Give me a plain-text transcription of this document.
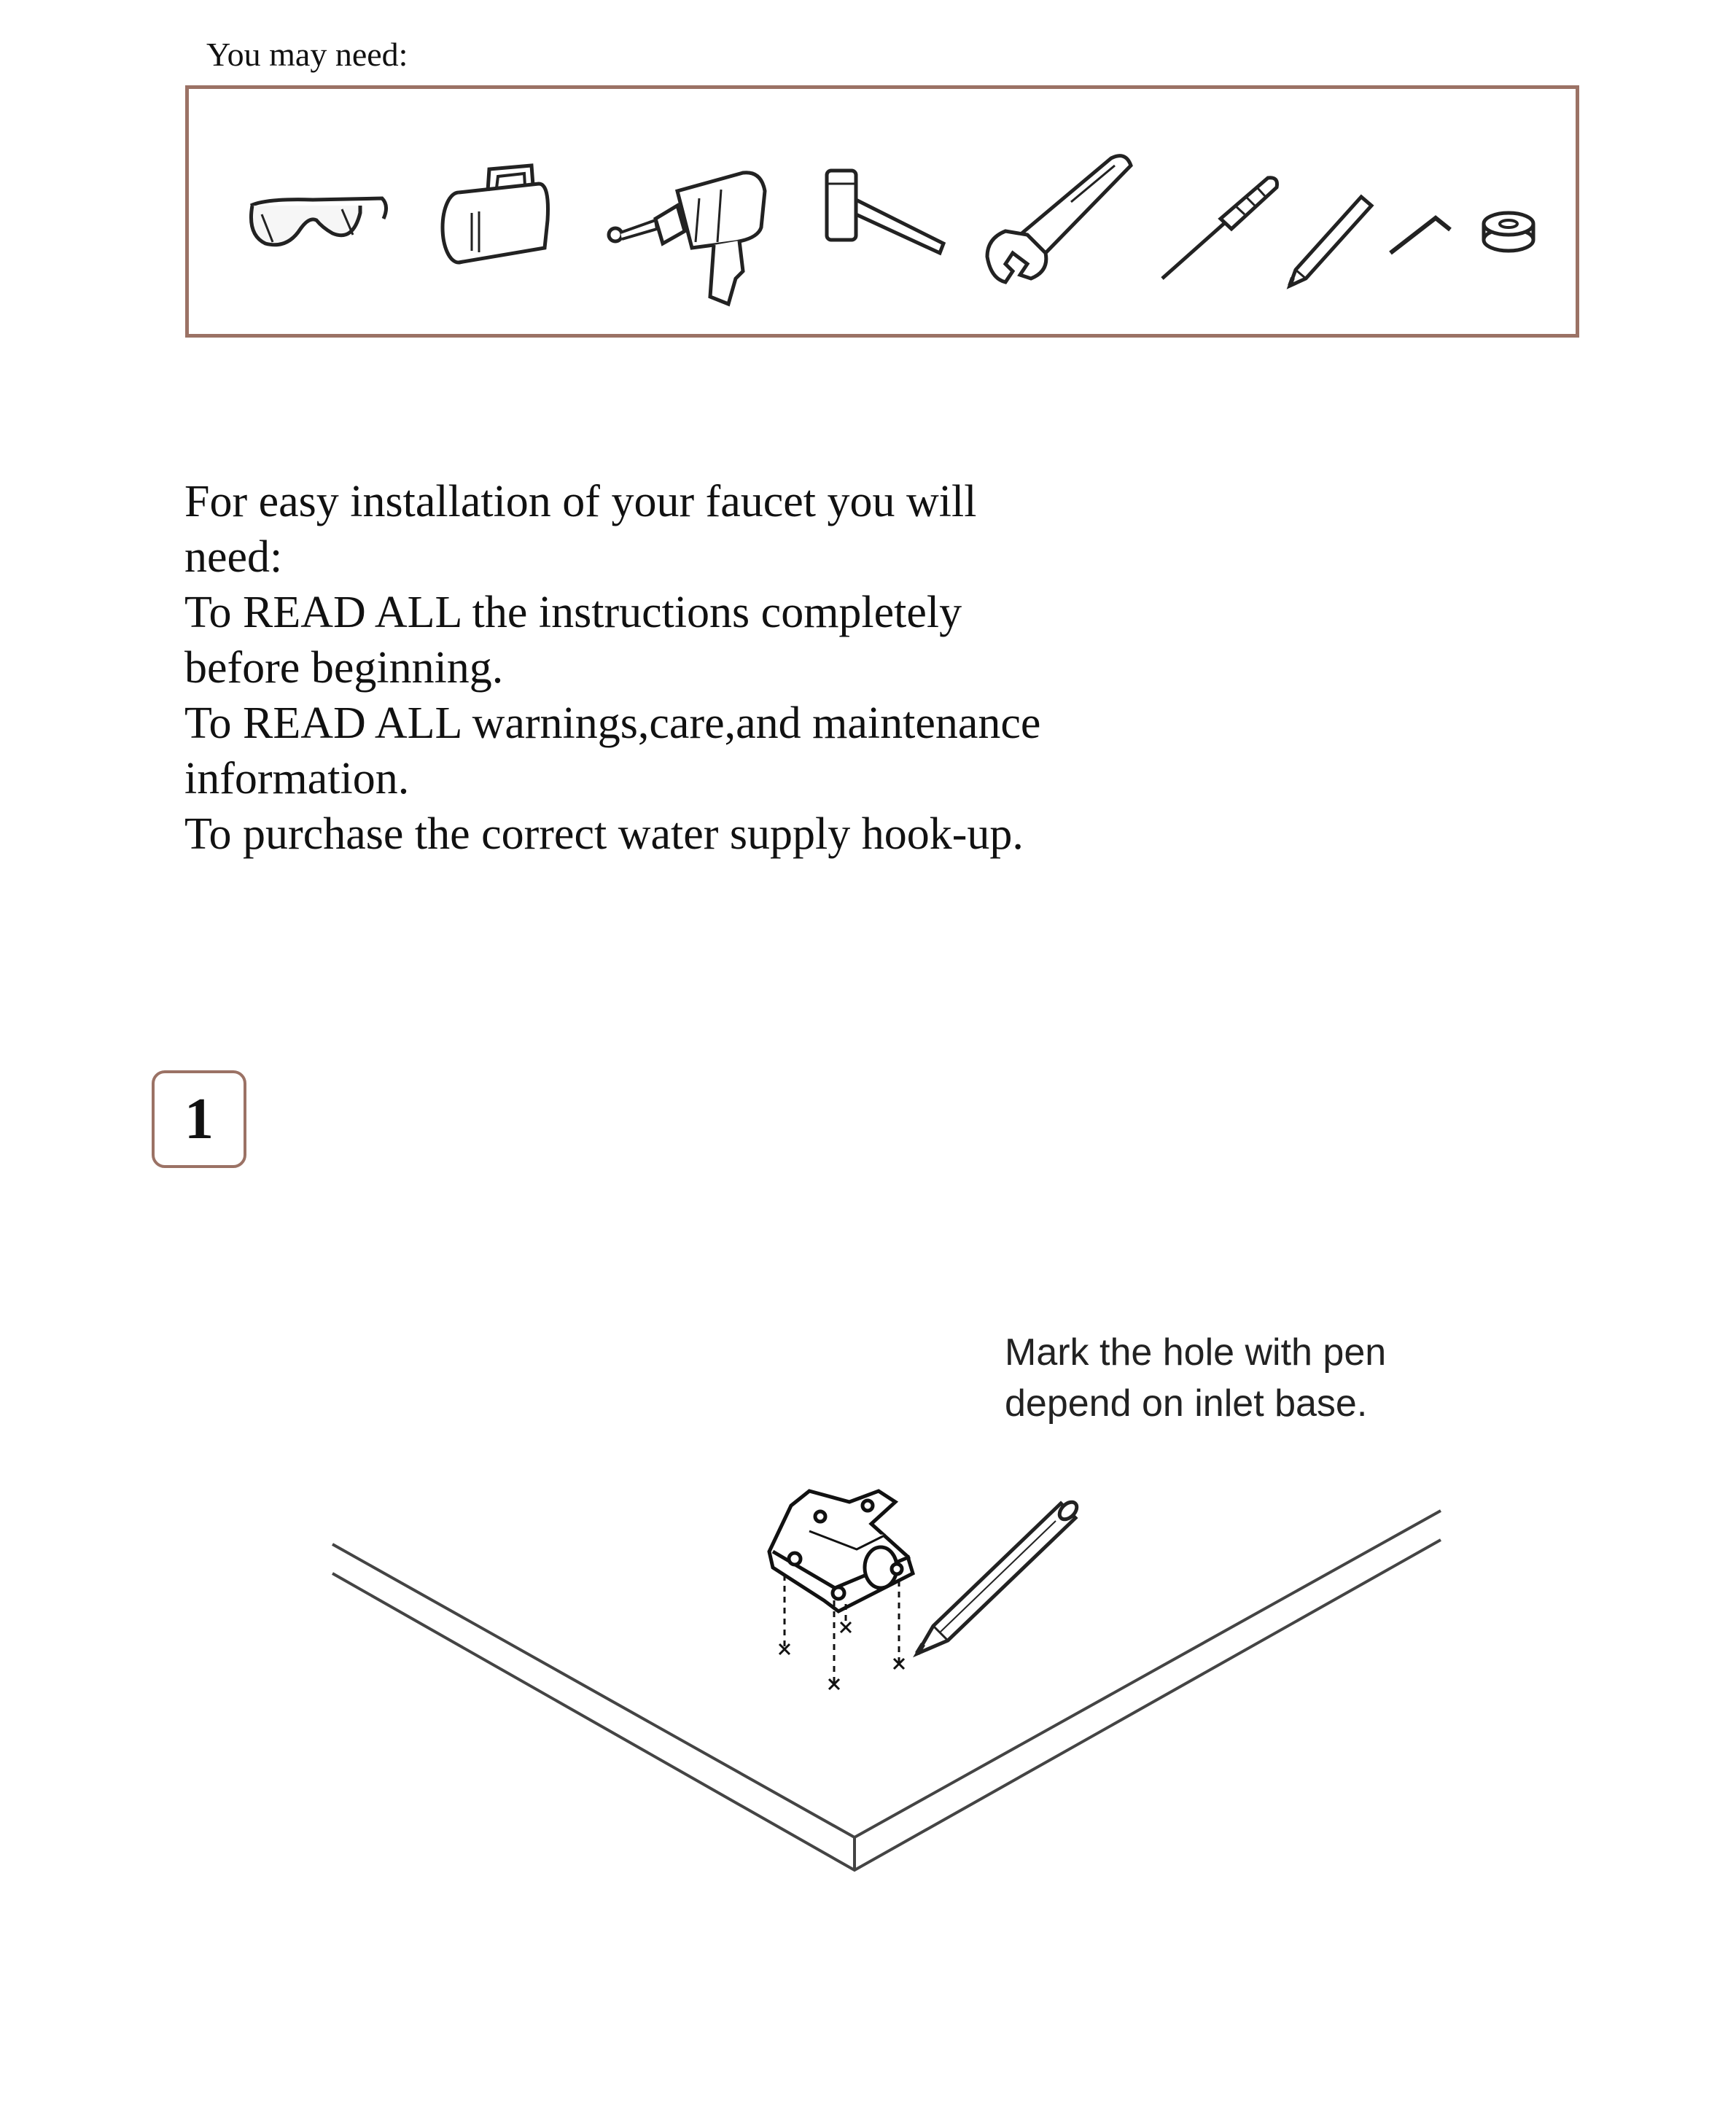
You may need:

For easy installation of your faucet you will need:

To READ ALL the instructions completely before beginning.

To READ ALL warnings,care,and maintenance information.

To purchase the correct water supply hook-up.

1

Mark the hole with pen

depend on inlet base.
